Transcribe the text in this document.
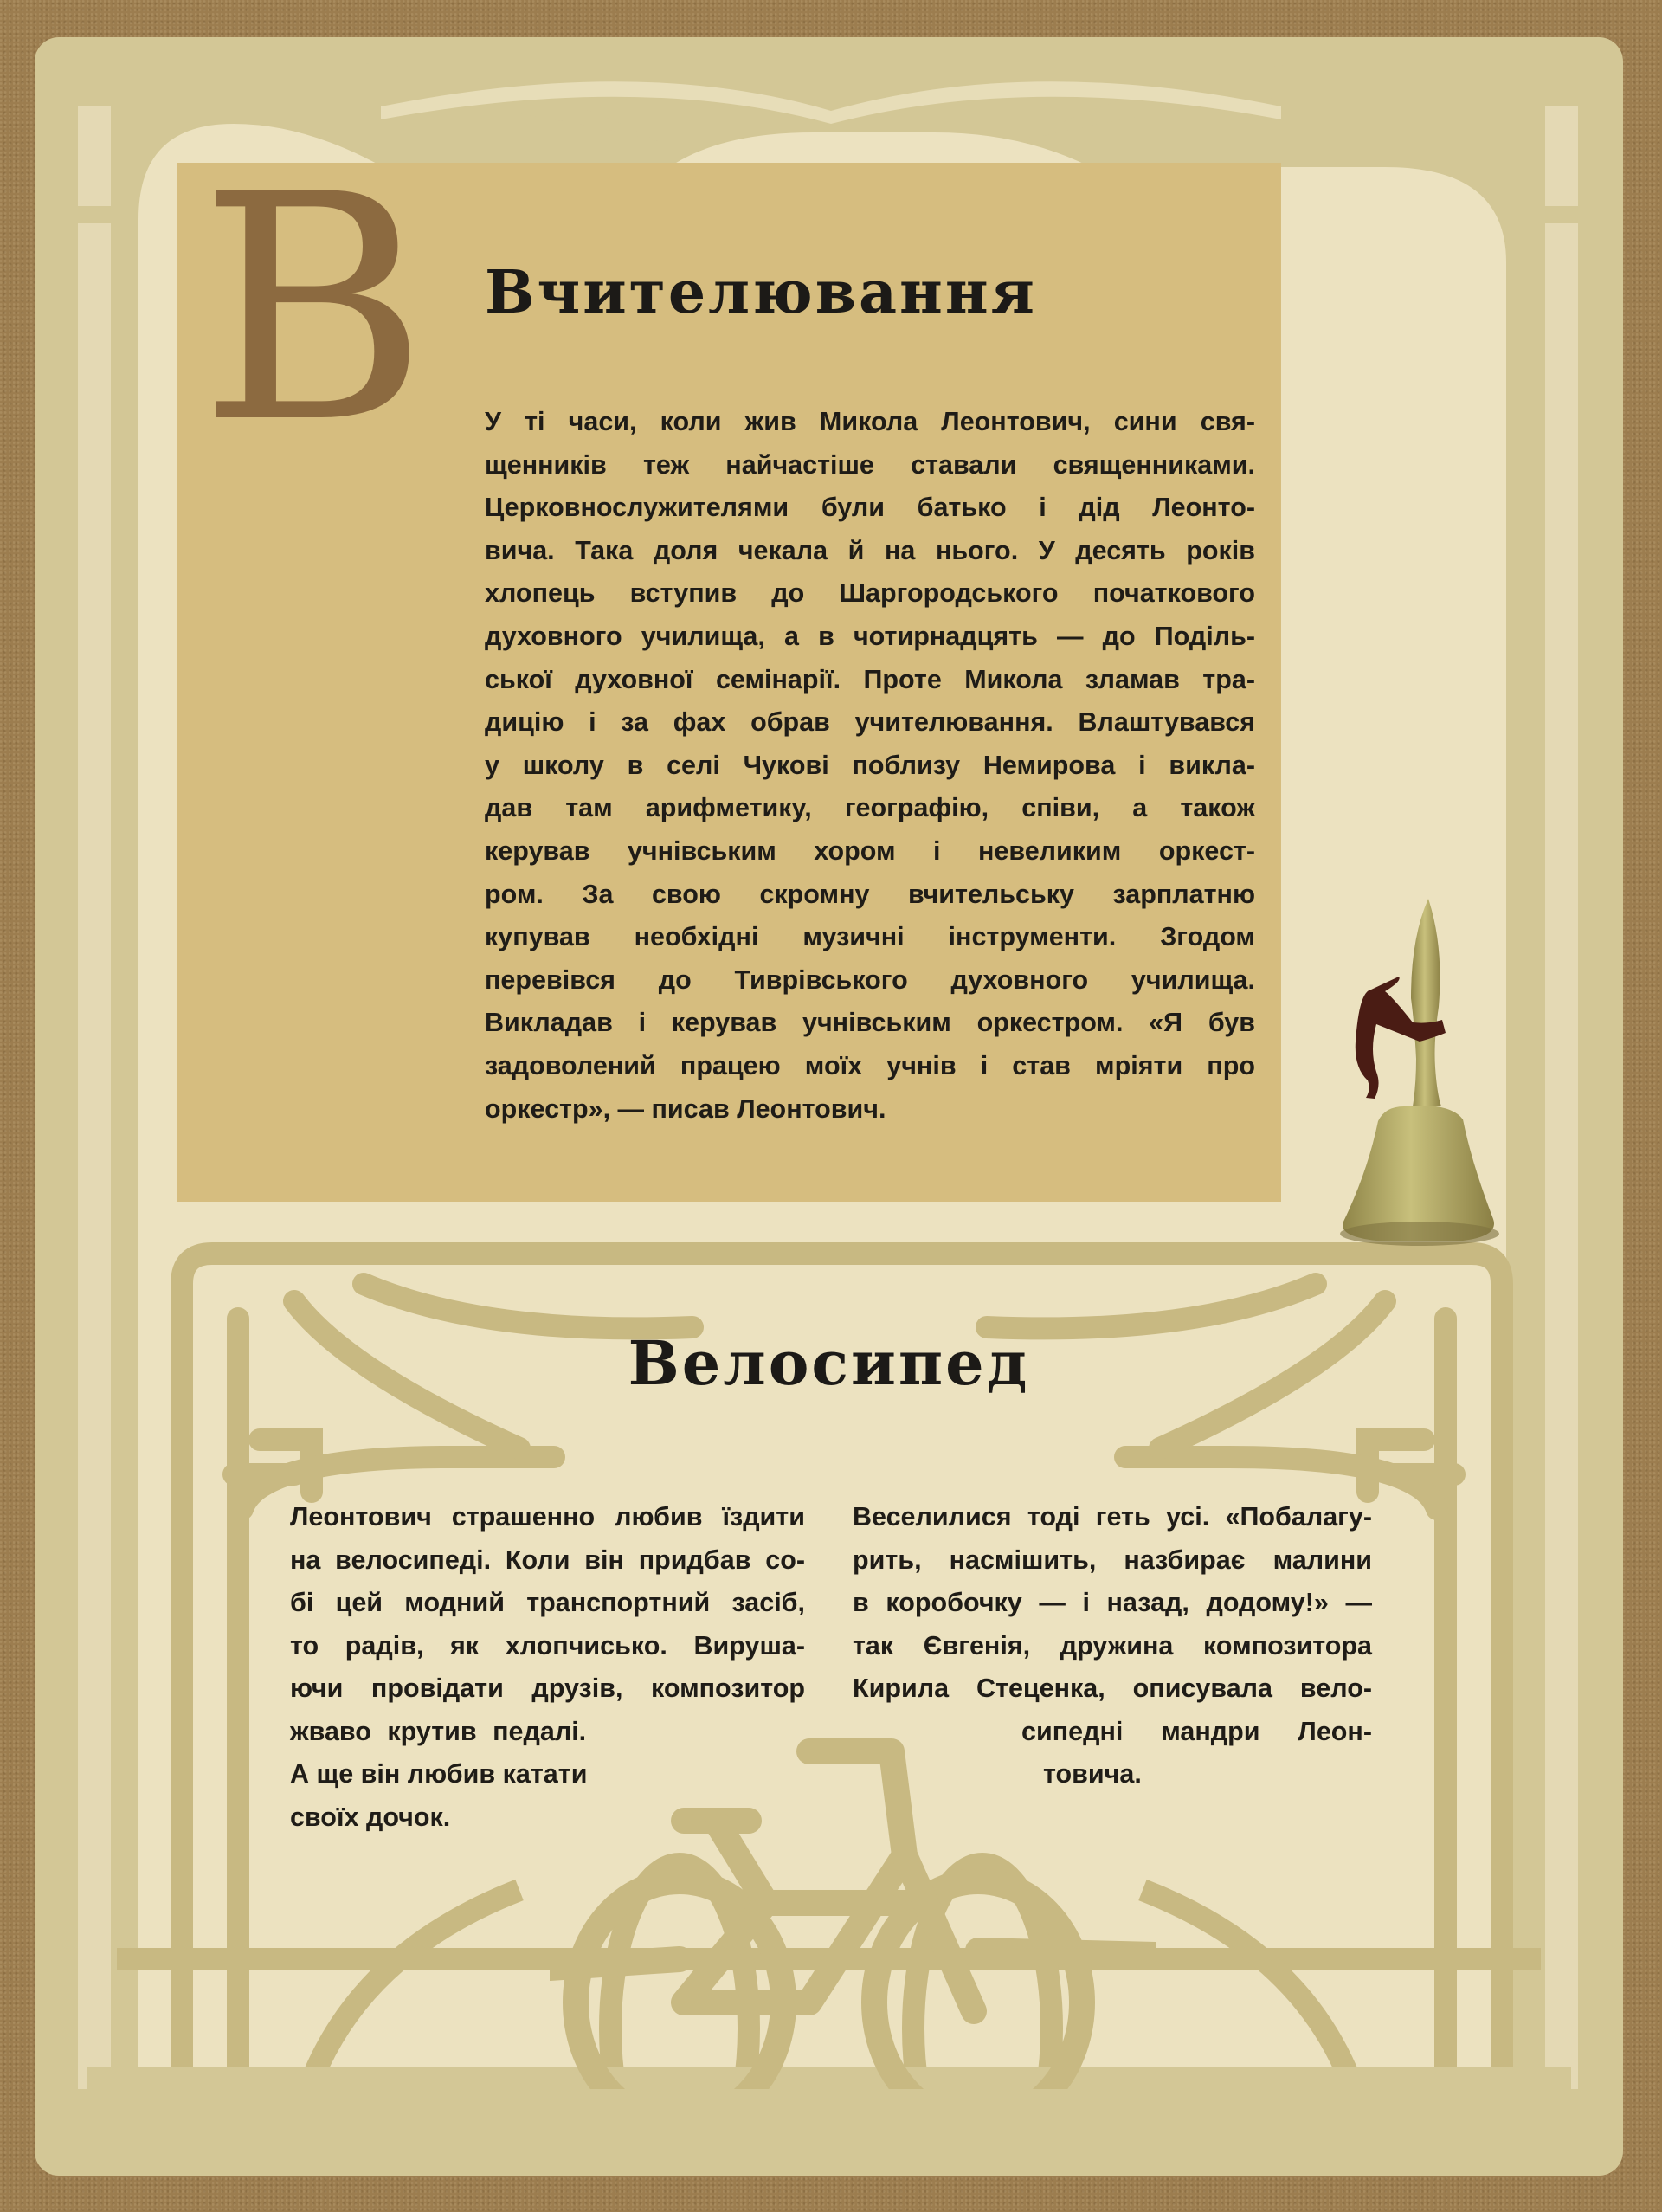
В Вчителювання
У ті часи, коли жив Микола Леонтович, сини свя-
щенників теж найчастіше ставали священниками.
Церковнослужителями були батько і дід Леонто-
вича. Така доля чекала й на нього. У десять років
хлопець вступив до Шаргородського початкового
духовного училища, а в чотирнадцять — до Поділь-
ської духовної семінарії. Проте Микола зламав тра-
дицію і за фах обрав учителювання. Влаштувався
у школу в селі Чукові поблизу Немирова і викла-
дав там арифметику, географію, співи, а також
керував учнівським хором і невеликим оркест-
ром. За свою скромну вчительську зарплатню
купував необхідні музичні інструменти. Згодом
перевівся до Тиврівського духовного училища.
Викладав і керував учнівським оркестром. «Я був
задоволений працею моїх учнів і став мріяти про
оркестр», — писав Леонтович.
Велосипед
Леонтович страшенно любив їздити
на велосипеді. Коли він придбав со-
бі цей модний транспортний засіб,
то радів, як хлопчисько. Вируша-
ючи провідати друзів, композитор
жваво крутив педалі.
А ще він любив катати
своїх дочок.
Веселилися тоді геть усі. «Побалагу-
рить, насмішить, назбирає малини
в коробочку — і назад, додому!» —
так Євгенія, дружина композитора
Кирила Стеценка, описувала вело-
сипедні мандри Леон-
товича.
